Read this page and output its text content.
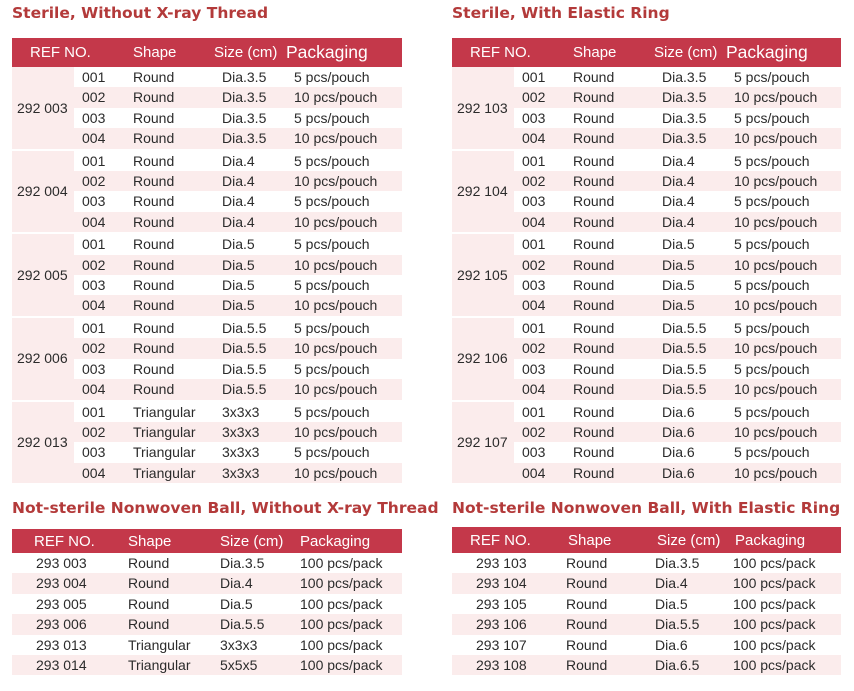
Sterile, Without X-ray Thread
REF NO.		Shape	Size (cm)	Packaging
292 003	001	Round	Dia.3.5	5 pcs/pouch
	002	Round	Dia.3.5	10 pcs/pouch
	003	Round	Dia.3.5	5 pcs/pouch
	004	Round	Dia.3.5	10 pcs/pouch
292 004	001	Round	Dia.4	5 pcs/pouch
	002	Round	Dia.4	10 pcs/pouch
	003	Round	Dia.4	5 pcs/pouch
	004	Round	Dia.4	10 pcs/pouch
292 005	001	Round	Dia.5	5 pcs/pouch
	002	Round	Dia.5	10 pcs/pouch
	003	Round	Dia.5	5 pcs/pouch
	004	Round	Dia.5	10 pcs/pouch
292 006	001	Round	Dia.5.5	5 pcs/pouch
	002	Round	Dia.5.5	10 pcs/pouch
	003	Round	Dia.5.5	5 pcs/pouch
	004	Round	Dia.5.5	10 pcs/pouch
292 013	001	Triangular	3x3x3	5 pcs/pouch
	002	Triangular	3x3x3	10 pcs/pouch
	003	Triangular	3x3x3	5 pcs/pouch
	004	Triangular	3x3x3	10 pcs/pouch
Sterile, With Elastic Ring
REF NO.		Shape	Size (cm)	Packaging
292 103	001	Round	Dia.3.5	5 pcs/pouch
	002	Round	Dia.3.5	10 pcs/pouch
	003	Round	Dia.3.5	5 pcs/pouch
	004	Round	Dia.3.5	10 pcs/pouch
292 104	001	Round	Dia.4	5 pcs/pouch
	002	Round	Dia.4	10 pcs/pouch
	003	Round	Dia.4	5 pcs/pouch
	004	Round	Dia.4	10 pcs/pouch
292 105	001	Round	Dia.5	5 pcs/pouch
	002	Round	Dia.5	10 pcs/pouch
	003	Round	Dia.5	5 pcs/pouch
	004	Round	Dia.5	10 pcs/pouch
292 106	001	Round	Dia.5.5	5 pcs/pouch
	002	Round	Dia.5.5	10 pcs/pouch
	003	Round	Dia.5.5	5 pcs/pouch
	004	Round	Dia.5.5	10 pcs/pouch
292 107	001	Round	Dia.6	5 pcs/pouch
	002	Round	Dia.6	10 pcs/pouch
	003	Round	Dia.6	5 pcs/pouch
	004	Round	Dia.6	10 pcs/pouch
Not-sterile Nonwoven Ball, Without X-ray Thread
REF NO.	Shape	Size (cm)	Packaging
293 003	Round	Dia.3.5	100 pcs/pack
293 004	Round	Dia.4	100 pcs/pack
293 005	Round	Dia.5	100 pcs/pack
293 006	Round	Dia.5.5	100 pcs/pack
293 013	Triangular	3x3x3	100 pcs/pack
293 014	Triangular	5x5x5	100 pcs/pack
Not-sterile Nonwoven Ball, With Elastic Ring
REF NO.	Shape	Size (cm)	Packaging
293 103	Round	Dia.3.5	100 pcs/pack
293 104	Round	Dia.4	100 pcs/pack
293 105	Round	Dia.5	100 pcs/pack
293 106	Round	Dia.5.5	100 pcs/pack
293 107	Round	Dia.6	100 pcs/pack
293 108	Round	Dia.6.5	100 pcs/pack
